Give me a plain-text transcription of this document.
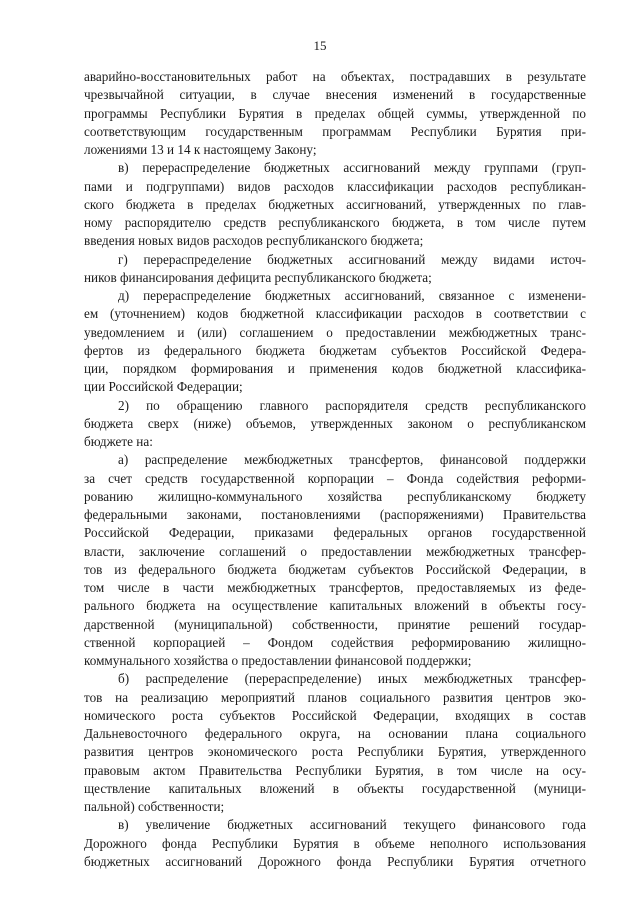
15
аварийно-восстановительных работ на объектах, пострадавших в результате
чрезвычайной ситуации, в случае внесения изменений в государственные
программы Республики Бурятия в пределах общей суммы, утвержденной по
соответствующим государственным программам Республики Бурятия при-
ложениями 13 и 14 к настоящему Закону;
в) перераспределение бюджетных ассигнований между группами (груп-
пами и подгруппами) видов расходов классификации расходов республикан-
ского бюджета в пределах бюджетных ассигнований, утвержденных по глав-
ному распорядителю средств республиканского бюджета, в том числе путем
введения новых видов расходов республиканского бюджета;
г) перераспределение бюджетных ассигнований между видами источ-
ников финансирования дефицита республиканского бюджета;
д) перераспределение бюджетных ассигнований, связанное с изменени-
ем (уточнением) кодов бюджетной классификации расходов в соответствии с
уведомлением и (или) соглашением о предоставлении межбюджетных транс-
фертов из федерального бюджета бюджетам субъектов Российской Федера-
ции, порядком формирования и применения кодов бюджетной классифика-
ции Российской Федерации;
2) по обращению главного распорядителя средств республиканского
бюджета сверх (ниже) объемов, утвержденных законом о республиканском
бюджете на:
а) распределение межбюджетных трансфертов, финансовой поддержки
за счет средств государственной корпорации – Фонда содействия реформи-
рованию жилищно-коммунального хозяйства республиканскому бюджету
федеральными законами, постановлениями (распоряжениями) Правительства
Российской Федерации, приказами федеральных органов государственной
власти, заключение соглашений о предоставлении межбюджетных трансфер-
тов из федерального бюджета бюджетам субъектов Российской Федерации, в
том числе в части межбюджетных трансфертов, предоставляемых из феде-
рального бюджета на осуществление капитальных вложений в объекты госу-
дарственной (муниципальной) собственности, принятие решений государ-
ственной корпорацией – Фондом содействия реформированию жилищно-
коммунального хозяйства о предоставлении финансовой поддержки;
б) распределение (перераспределение) иных межбюджетных трансфер-
тов на реализацию мероприятий планов социального развития центров эко-
номического роста субъектов Российской Федерации, входящих в состав
Дальневосточного федерального округа, на основании плана социального
развития центров экономического роста Республики Бурятия, утвержденного
правовым актом Правительства Республики Бурятия, в том числе на осу-
ществление капитальных вложений в объекты государственной (муници-
пальной) собственности;
в) увеличение бюджетных ассигнований текущего финансового года
Дорожного фонда Республики Бурятия в объеме неполного использования
бюджетных ассигнований Дорожного фонда Республики Бурятия отчетного
